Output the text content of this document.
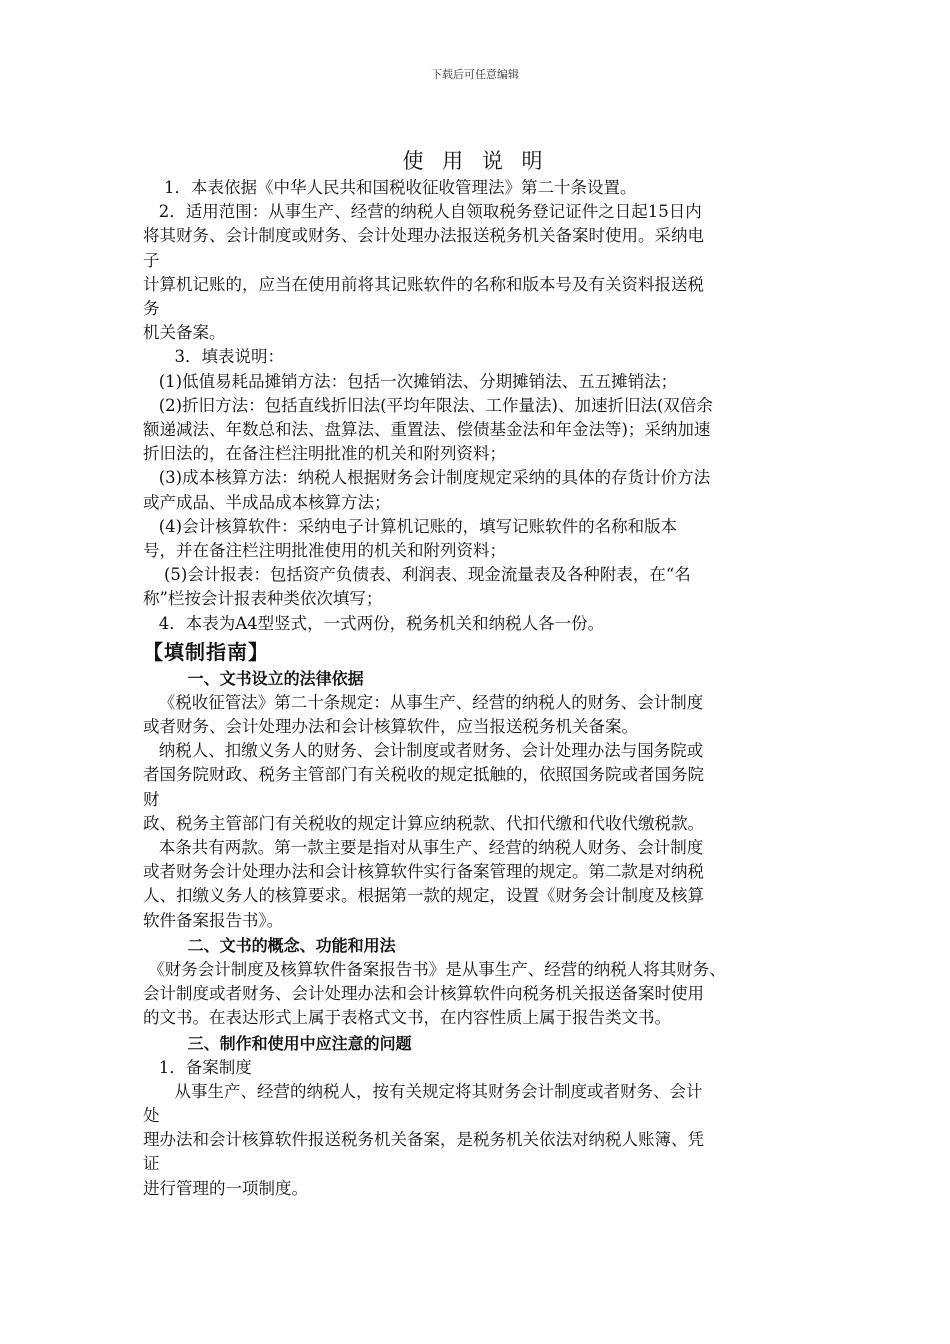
下载后可任意编辑
使 用 说 明
1．本表依据《中华人民共和国税收征收管理法》第二十条设置。
2．适用范围：从事生产、经营的纳税人自领取税务登记证件之日起15日内
将其财务、会计制度或财务、会计处理办法报送税务机关备案时使用。采纳电
子
计算机记账的，应当在使用前将其记账软件的名称和版本号及有关资料报送税
务
机关备案。
3．填表说明：
(1)低值易耗品摊销方法：包括一次摊销法、分期摊销法、五五摊销法；
(2)折旧方法：包括直线折旧法(平均年限法、工作量法)、加速折旧法(双倍余
额递减法、年数总和法、盘算法、重置法、偿债基金法和年金法等)；采纳加速
折旧法的，在备注栏注明批准的机关和附列资料；
(3)成本核算方法：纳税人根据财务会计制度规定采纳的具体的存货计价方法
或产成品、半成品成本核算方法；
(4)会计核算软件：采纳电子计算机记账的，填写记账软件的名称和版本
号，并在备注栏注明批准使用的机关和附列资料；
(5)会计报表：包括资产负债表、利润表、现金流量表及各种附表，在“名
称”栏按会计报表种类依次填写；
4．本表为A4型竖式，一式两份，税务机关和纳税人各一份。
【填制指南】
一、文书设立的法律依据
《税收征管法》第二十条规定：从事生产、经营的纳税人的财务、会计制度
或者财务、会计处理办法和会计核算软件，应当报送税务机关备案。
纳税人、扣缴义务人的财务、会计制度或者财务、会计处理办法与国务院或
者国务院财政、税务主管部门有关税收的规定抵触的，依照国务院或者国务院
财
政、税务主管部门有关税收的规定计算应纳税款、代扣代缴和代收代缴税款。
本条共有两款。第一款主要是指对从事生产、经营的纳税人财务、会计制度
或者财务会计处理办法和会计核算软件实行备案管理的规定。第二款是对纳税
人、扣缴义务人的核算要求。根据第一款的规定，设置《财务会计制度及核算
软件备案报告书》。
二、文书的概念、功能和用法
《财务会计制度及核算软件备案报告书》是从事生产、经营的纳税人将其财务、
会计制度或者财务、会计处理办法和会计核算软件向税务机关报送备案时使用
的文书。在表达形式上属于表格式文书，在内容性质上属于报告类文书。
三、制作和使用中应注意的问题
1．备案制度
从事生产、经营的纳税人，按有关规定将其财务会计制度或者财务、会计
处
理办法和会计核算软件报送税务机关备案，是税务机关依法对纳税人账簿、凭
证
进行管理的一项制度。
